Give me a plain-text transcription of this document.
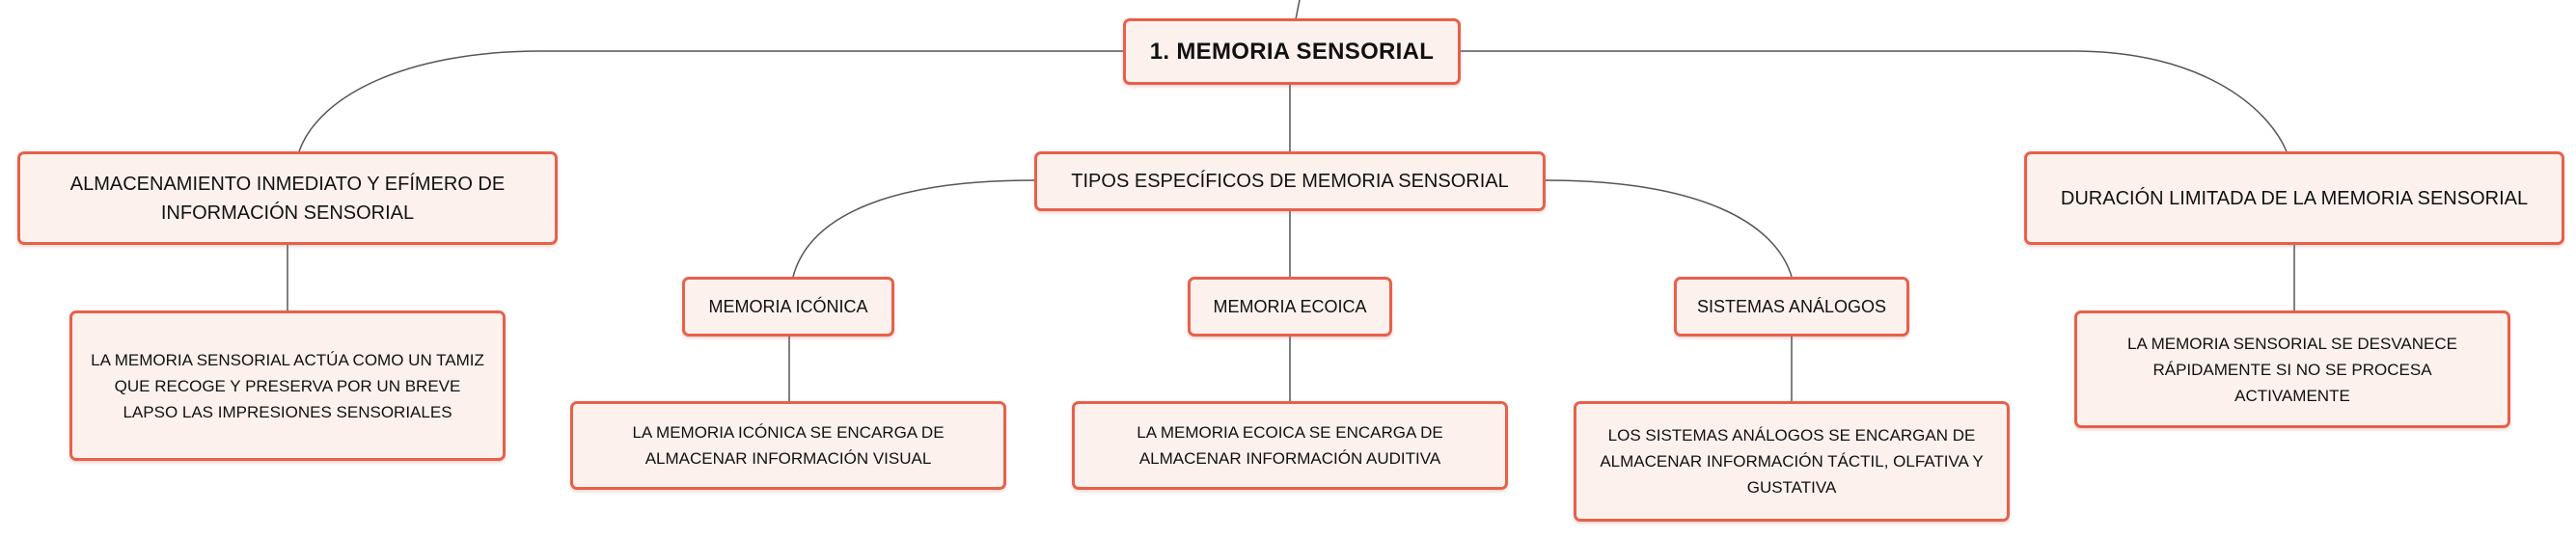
1. MEMORIA SENSORIAL
ALMACENAMIENTO INMEDIATO Y EFÍMERO DE INFORMACIÓN SENSORIAL
TIPOS ESPECÍFICOS DE MEMORIA SENSORIAL
DURACIÓN LIMITADA DE LA MEMORIA SENSORIAL
LA MEMORIA SENSORIAL ACTÚA COMO UN TAMIZ QUE RECOGE Y PRESERVA POR UN BREVE LAPSO LAS IMPRESIONES SENSORIALES
MEMORIA ICÓNICA	MEMORIA ECOICA	SISTEMAS ANÁLOGOS
LA MEMORIA ICÓNICA SE ENCARGA DE ALMACENAR INFORMACIÓN VISUAL
LA MEMORIA ECOICA SE ENCARGA DE ALMACENAR INFORMACIÓN AUDITIVA
LOS SISTEMAS ANÁLOGOS SE ENCARGAN DE ALMACENAR INFORMACIÓN TÁCTIL, OLFATIVA Y GUSTATIVA
LA MEMORIA SENSORIAL SE DESVANECE RÁPIDAMENTE SI NO SE PROCESA ACTIVAMENTE
